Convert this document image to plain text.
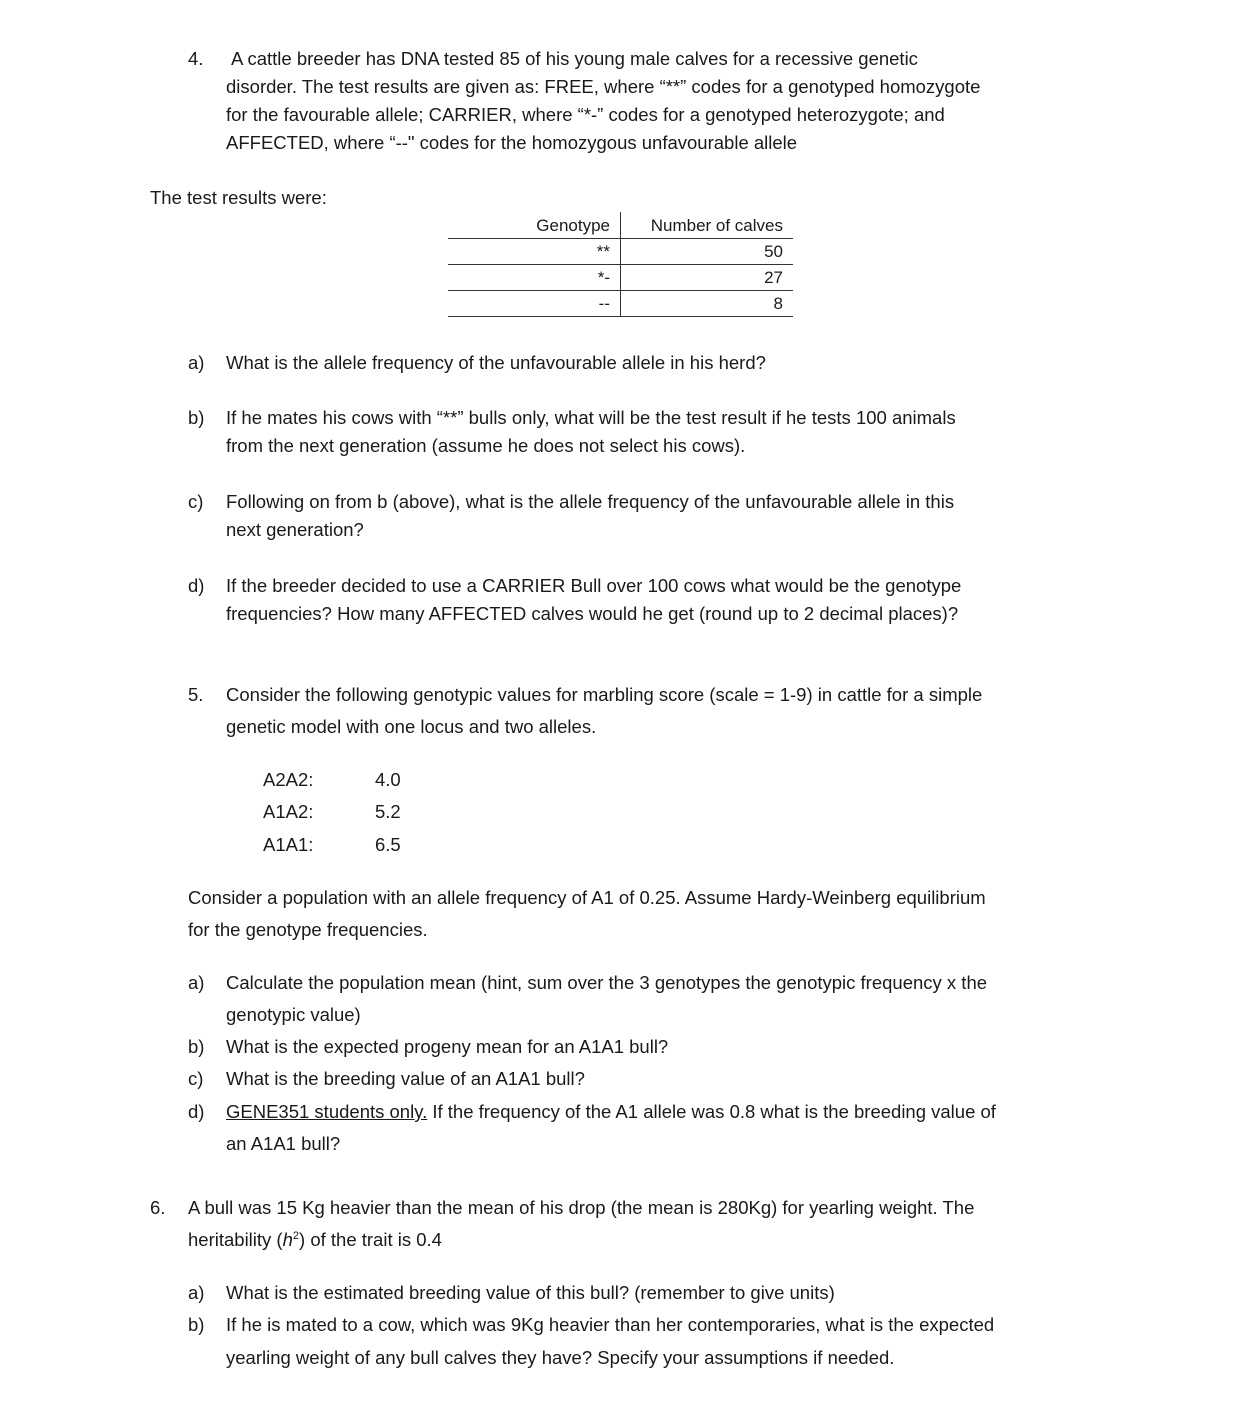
4. A cattle breeder has DNA tested 85 of his young male calves for a recessive genetic
disorder. The test results are given as: FREE, where “**” codes for a genotyped homozygote
for the favourable allele; CARRIER, where “*-” codes for a genotyped heterozygote; and
AFFECTED, where “--" codes for the homozygous unfavourable allele
The test results were:
Genotype	Number of calves
**	50
*-	27
--	8
a) What is the allele frequency of the unfavourable allele in his herd?
b) If he mates his cows with “**” bulls only, what will be the test result if he tests 100 animals
from the next generation (assume he does not select his cows).
c) Following on from b (above), what is the allele frequency of the unfavourable allele in this
next generation?
d) If the breeder decided to use a CARRIER Bull over 100 cows what would be the genotype
frequencies? How many AFFECTED calves would he get (round up to 2 decimal places)?
5. Consider the following genotypic values for marbling score (scale = 1-9) in cattle for a simple
genetic model with one locus and two alleles.
A2A2:	4.0
A1A2:	5.2
A1A1:	6.5
Consider a population with an allele frequency of A1 of 0.25. Assume Hardy-Weinberg equilibrium
for the genotype frequencies.
a) Calculate the population mean (hint, sum over the 3 genotypes the genotypic frequency x the
genotypic value)
b) What is the expected progeny mean for an A1A1 bull?
c) What is the breeding value of an A1A1 bull?
d) GENE351 students only. If the frequency of the A1 allele was 0.8 what is the breeding value of
an A1A1 bull?
6. A bull was 15 Kg heavier than the mean of his drop (the mean is 280Kg) for yearling weight. The
heritability $(h^2)$ of the trait is 0.4
a) What is the estimated breeding value of this bull? (remember to give units)
b) If he is mated to a cow, which was 9Kg heavier than her contemporaries, what is the expected
yearling weight of any bull calves they have? Specify your assumptions if needed.
